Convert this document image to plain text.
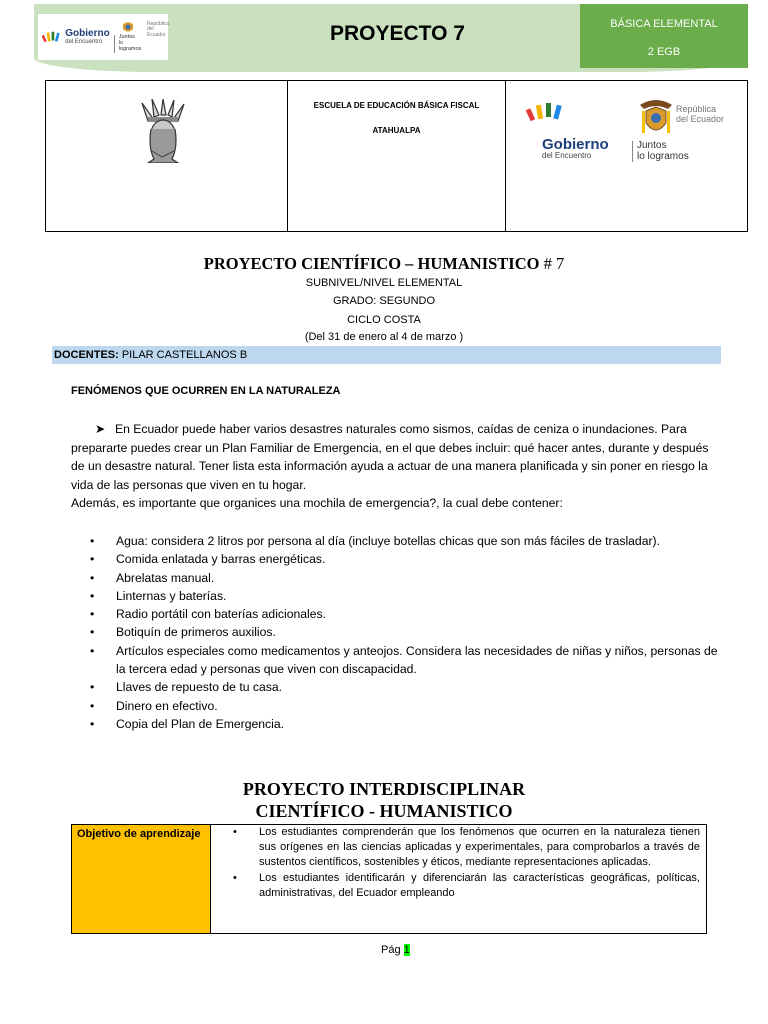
Gobierno
del Encuentro
Juntos
lo logramos
República
del Ecuador	PROYECTO 7	BÁSICA ELEMENTAL
2 EGB
ESCUELA DE EDUCACIÓN BÁSICA FISCAL
ATAHUALPA
Gobierno
del Encuentro
República
del Ecuador
Juntos
lo logramos
PROYECTO CIENTÍFICO – HUMANISTICO # 7
SUBNIVEL/NIVEL ELEMENTAL
GRADO: SEGUNDO
CICLO COSTA
(Del 31 de enero al 4 de marzo )
DOCENTES: PILAR CASTELLANOS B
FENÓMENOS QUE OCURREN EN LA NATURALEZA
➤ En Ecuador puede haber varios desastres naturales como sismos, caídas de ceniza o inundaciones. Para prepararte puedes crear un Plan Familiar de Emergencia, en el que debes incluir: qué hacer antes, durante y después de un desastre natural. Tener lista esta información ayuda a actuar de una manera planificada y sin poner en riesgo la vida de las personas que viven en tu hogar.
Además, es importante que organices una mochila de emergencia?, la cual debe contener:
• Agua: considera 2 litros por persona al día (incluye botellas chicas que son más fáciles de trasladar).
• Comida enlatada y barras energéticas.
• Abrelatas manual.
• Linternas y baterías.
• Radio portátil con baterías adicionales.
• Botiquín de primeros auxilios.
• Artículos especiales como medicamentos y anteojos. Considera las necesidades de niñas y niños, personas de la tercera edad y personas que viven con discapacidad.
• Llaves de repuesto de tu casa.
• Dinero en efectivo.
• Copia del Plan de Emergencia.
PROYECTO INTERDISCIPLINAR
CIENTÍFICO - HUMANISTICO
Objetivo de aprendizaje
•	Los estudiantes comprenderán que los fenómenos que ocurren en la naturaleza tienen sus orígenes en las ciencias aplicadas y experimentales, para comprobarlos a través de sustentos científicos, sostenibles y éticos, mediante representaciones aplicadas.
• Los estudiantes identificarán y diferenciarán las características geográficas, políticas, administrativas, del Ecuador empleando
Pág 1
